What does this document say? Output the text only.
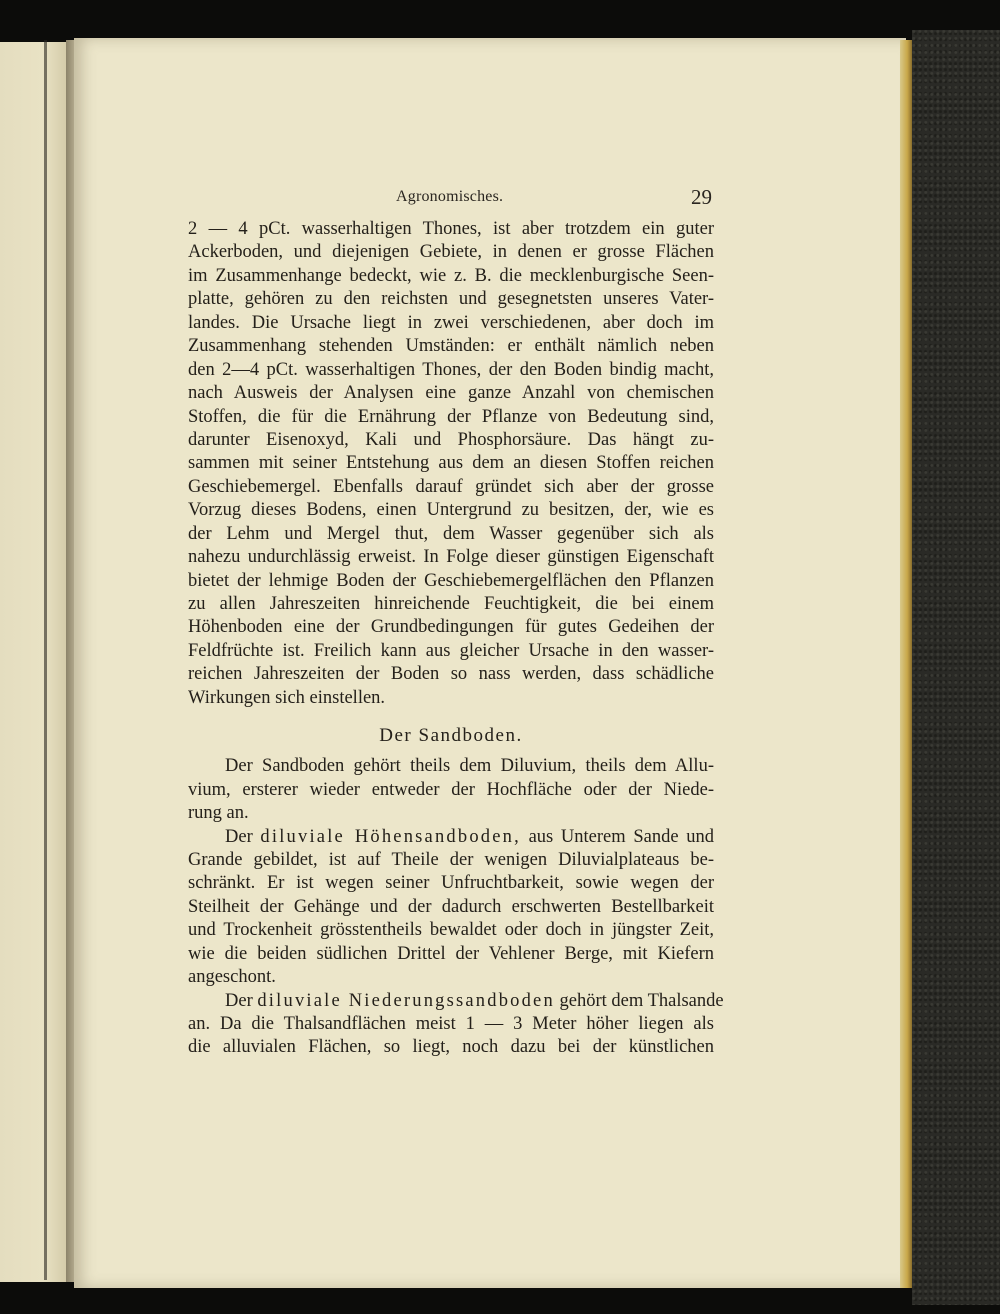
Agronomisches.	29
2 — 4 pCt. wasserhaltigen Thones, ist aber trotzdem ein guter
Ackerboden, und diejenigen Gebiete, in denen er grosse Flächen
im Zusammenhange bedeckt, wie z. B. die mecklenburgische Seen-
platte, gehören zu den reichsten und gesegnetsten unseres Vater-
landes. Die Ursache liegt in zwei verschiedenen, aber doch im
Zusammenhang stehenden Umständen: er enthält nämlich neben
den 2—4 pCt. wasserhaltigen Thones, der den Boden bindig macht,
nach Ausweis der Analysen eine ganze Anzahl von chemischen
Stoffen, die für die Ernährung der Pflanze von Bedeutung sind,
darunter Eisenoxyd, Kali und Phosphorsäure. Das hängt zu-
sammen mit seiner Entstehung aus dem an diesen Stoffen reichen
Geschiebemergel. Ebenfalls darauf gründet sich aber der grosse
Vorzug dieses Bodens, einen Untergrund zu besitzen, der, wie es
der Lehm und Mergel thut, dem Wasser gegenüber sich als
nahezu undurchlässig erweist. In Folge dieser günstigen Eigenschaft
bietet der lehmige Boden der Geschiebemergelflächen den Pflanzen
zu allen Jahreszeiten hinreichende Feuchtigkeit, die bei einem
Höhenboden eine der Grundbedingungen für gutes Gedeihen der
Feldfrüchte ist. Freilich kann aus gleicher Ursache in den wasser-
reichen Jahreszeiten der Boden so nass werden, dass schädliche
Wirkungen sich einstellen.
Der Sandboden.
Der Sandboden gehört theils dem Diluvium, theils dem Allu-
vium, ersterer wieder entweder der Hochfläche oder der Niede-
rung an.
Der diluviale Höhensandboden, aus Unterem Sande und
Grande gebildet, ist auf Theile der wenigen Diluvialplateaus be-
schränkt. Er ist wegen seiner Unfruchtbarkeit, sowie wegen der
Steilheit der Gehänge und der dadurch erschwerten Bestellbarkeit
und Trockenheit grösstentheils bewaldet oder doch in jüngster Zeit,
wie die beiden südlichen Drittel der Vehlener Berge, mit Kiefern
angeschont.
Der diluviale Niederungssandboden gehört dem Thalsande
an. Da die Thalsandflächen meist 1 — 3 Meter höher liegen als
die alluvialen Flächen, so liegt, noch dazu bei der künstlichen
